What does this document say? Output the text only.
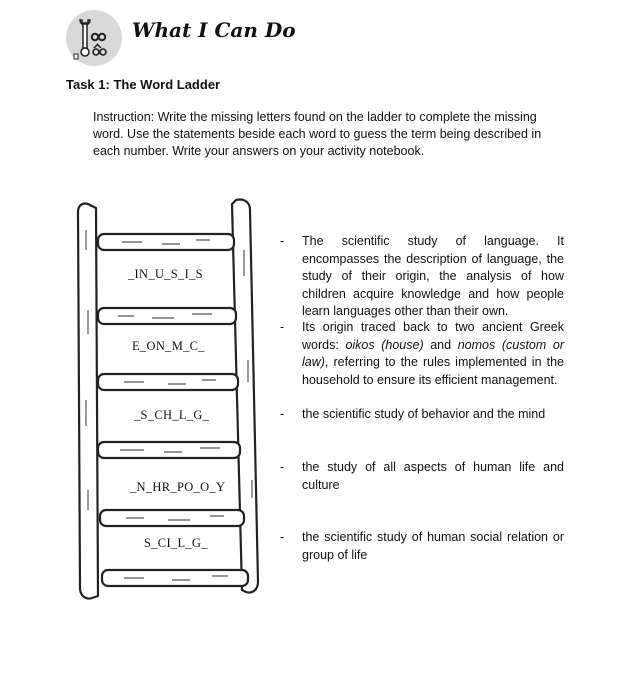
What I Can Do
Task 1: The Word Ladder
Instruction: Write the missing letters found on the ladder to complete the missing word. Use the statements beside each word to guess the term being described in each number. Write your answers on your activity notebook.
_IN_U_S_I_S
E_ON_M_C_
_S_CH_L_G_
_N_HR_PO_O_Y
S_CI_L_G_
-	The scientific study of language. It encompasses the description of language, the study of their origin, the analysis of how children acquire knowledge and how people learn languages other than their own.
-	Its origin traced back to two ancient Greek words: oikos (house) and nomos (custom or law), referring to the rules implemented in the household to ensure its efficient management.
-	the scientific study of behavior and the mind
-	the study of all aspects of human life and culture
-	the scientific study of human social relation or group of life
